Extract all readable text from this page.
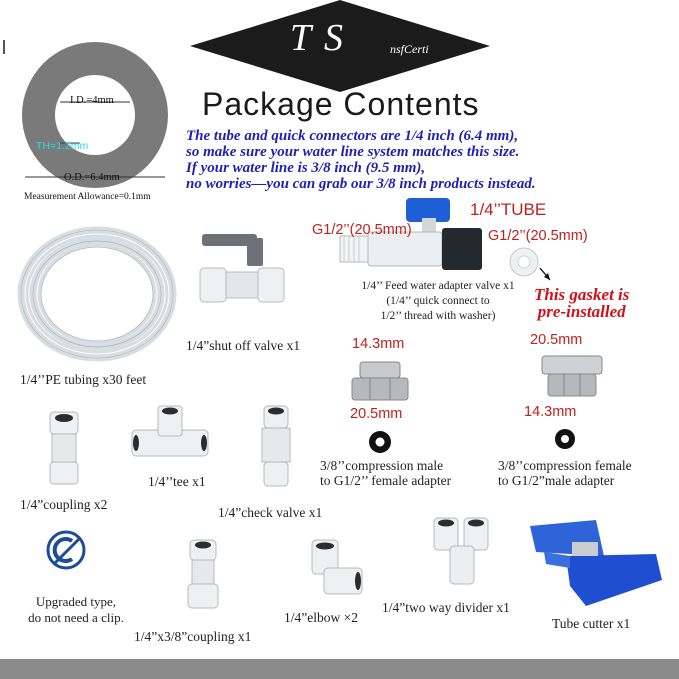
T S	nsfCerti
Package Contents
The tube and quick connectors are 1/4 inch (6.4 mm),
so make sure your water line system matches this size.
If your water line is 3/8 inch (9.5 mm),
no worries—you can grab our 3/8 inch products instead.
I.D.=4mm
TH=1.2mm
O.D.=6.4mm
Measurement Allowance=0.1mm
1/4’’PE tubing x30 feet
1/4”shut off valve x1
1/4’’TUBE
G1/2’’(20.5mm)	G1/2’’(20.5mm)
This gasket is
pre-installed
1/4’’ Feed water adapter valve x1
(1/4’’ quick connect to
1/2’’ thread with washer)
14.3mm
20.5mm
3/8’’compression male
to G1/2’’ female adapter
20.5mm
14.3mm
3/8’’compression female
to G1/2”male adapter
1/4”coupling x2
1/4’’tee x1
1/4”check valve x1
Upgraded type,
do not need a clip.
1/4”x3/8”coupling x1
1/4”elbow ×2
1/4”two way divider x1
Tube cutter x1
